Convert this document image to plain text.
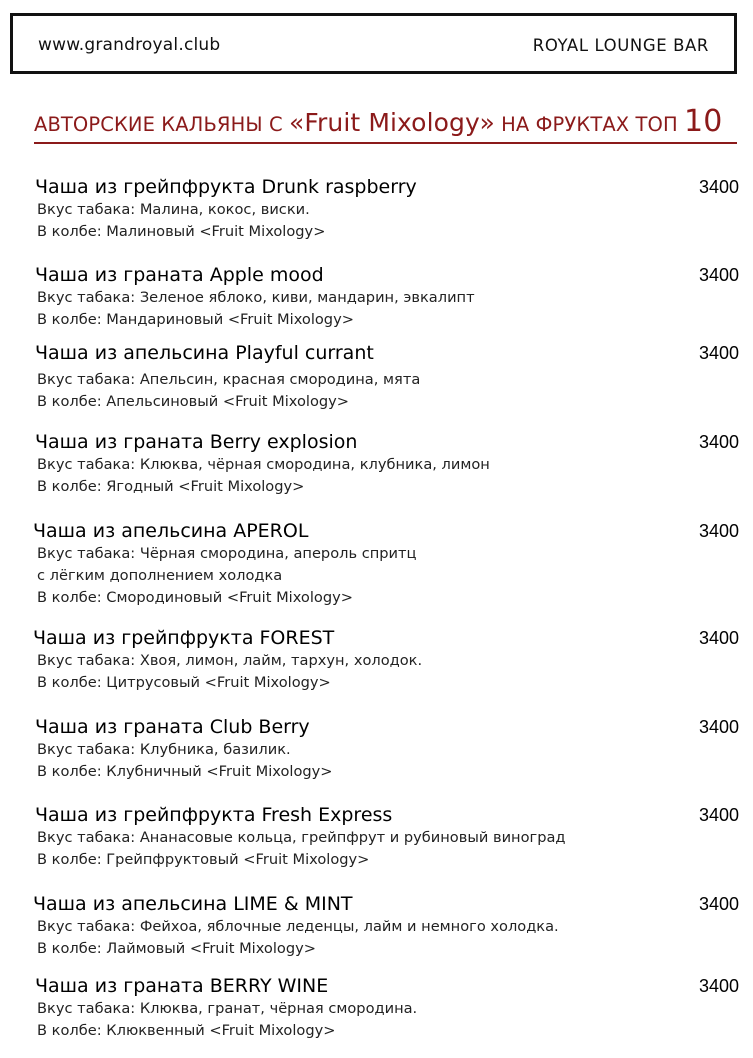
www.grandroyal.club	ROYAL LOUNGE BAR
АВТОРСКИЕ КАЛЬЯНЫ С «Fruit Mixology» НА ФРУКТАХ ТОП 10
Чаша из грейпфрукта Drunk raspberry	3400
Вкус табака: Малина, кокос, виски.
В колбе: Малиновый <Fruit Mixology>
Чаша из граната Apple mood	3400
Вкус табака: Зеленое яблоко, киви, мандарин, эвкалипт
В колбе: Мандариновый <Fruit Mixology>
Чаша из апельсина Playful currant	3400
Вкус табака: Апельсин, красная смородина, мята
В колбе: Апельсиновый <Fruit Mixology>
Чаша из граната Berry explosion	3400
Вкус табака: Клюква, чёрная смородина, клубника, лимон
В колбе: Ягодный <Fruit Mixology>
Чаша из апельсина APEROL	3400
Вкус табака: Чёрная смородина, апероль спритц
с лёгким дополнением холодка
В колбе: Смородиновый <Fruit Mixology>
Чаша из грейпфрукта FOREST	3400
Вкус табака: Хвоя, лимон, лайм, тархун, холодок.
В колбе: Цитрусовый <Fruit Mixology>
Чаша из граната Club Berry	3400
Вкус табака: Клубника, базилик.
В колбе: Клубничный <Fruit Mixology>
Чаша из грейпфрукта Fresh Express	3400
Вкус табака: Ананасовые кольца, грейпфрут и рубиновый виноград
В колбе: Грейпфруктовый <Fruit Mixology>
Чаша из апельсина LIME & MINT	3400
Вкус табака: Фейхоа, яблочные леденцы, лайм и немного холодка.
В колбе: Лаймовый <Fruit Mixology>
Чаша из граната BERRY WINE	3400
Вкус табака: Клюква, гранат, чёрная смородина.
В колбе: Клюквенный <Fruit Mixology>
